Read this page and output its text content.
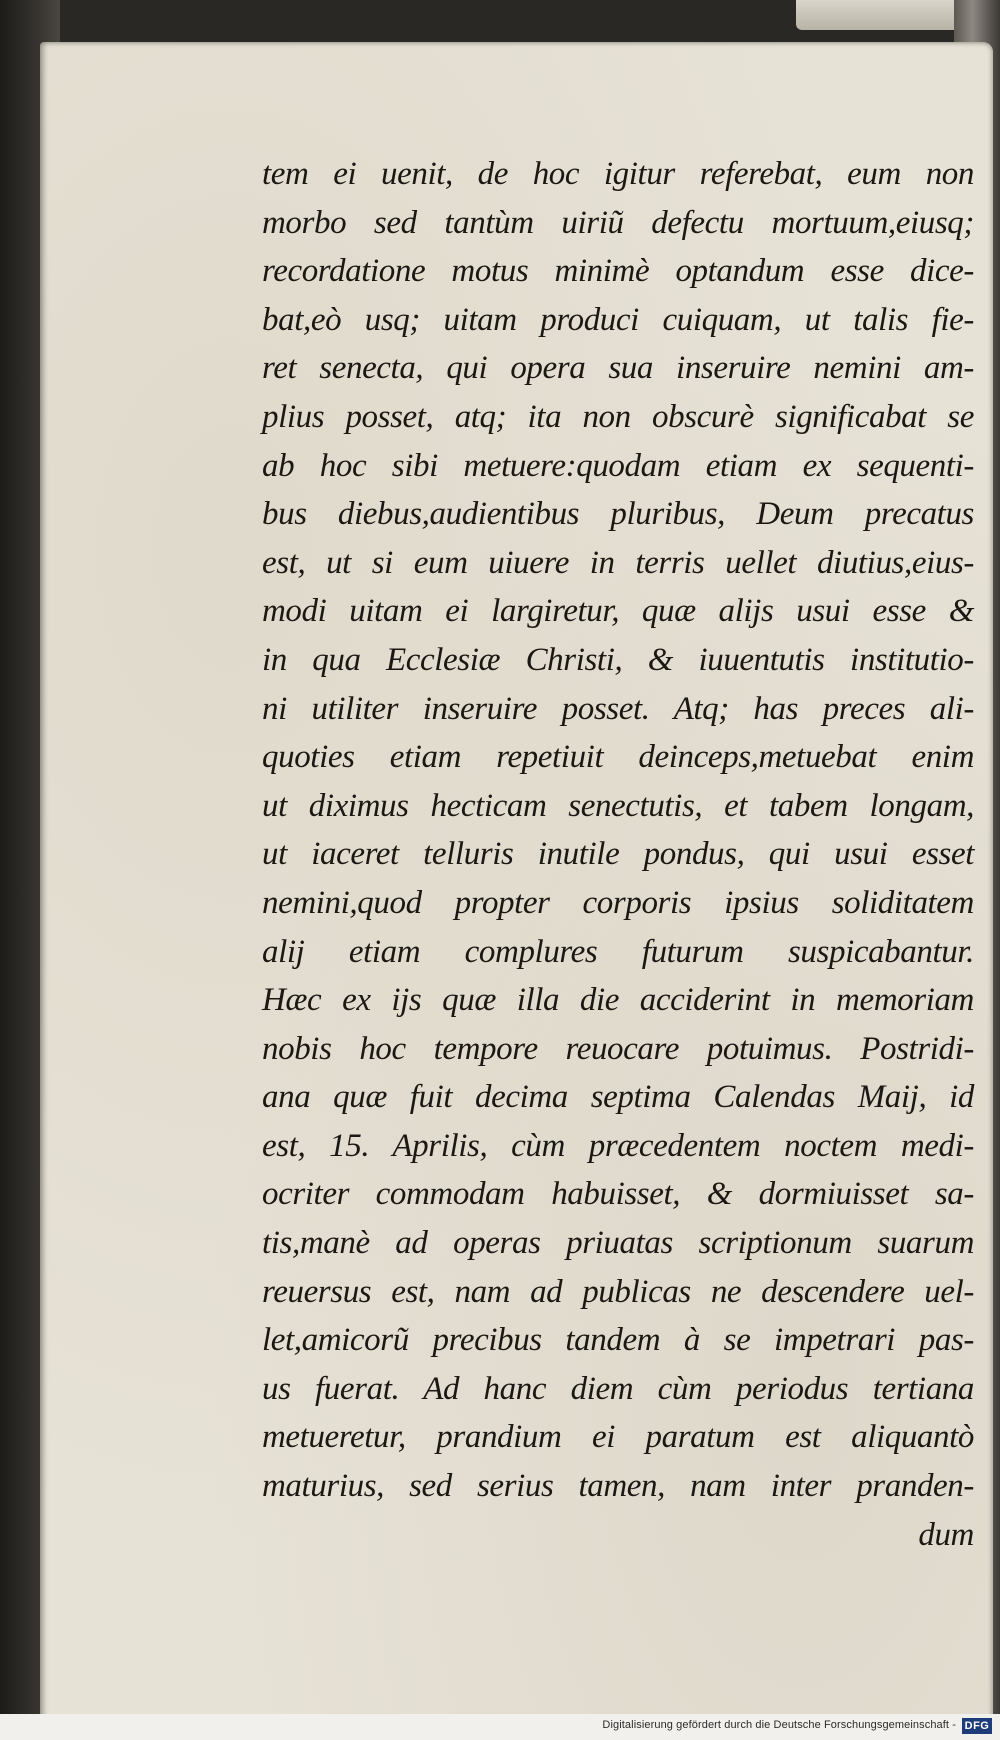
tem ei uenit, de hoc igitur referebat, eum non
morbo sed tantùm uiriũ defectu mortuum,eiusq;
recordatione motus minimè optandum esse dice-
bat,eò usq; uitam produci cuiquam, ut talis fie-
ret senecta, qui opera sua inseruire nemini am-
plius posset, atq; ita non obscurè significabat se
ab hoc sibi metuere:quodam etiam ex sequenti-
bus diebus,audientibus pluribus, Deum precatus
est, ut si eum uiuere in terris uellet diutius,eius-
modi uitam ei largiretur, quæ alijs usui esse &
in qua Ecclesiæ Christi, & iuuentutis institutio-
ni utiliter inseruire posset. Atq; has preces ali-
quoties etiam repetiuit deinceps,metuebat enim
ut diximus hecticam senectutis, et tabem longam,
ut iaceret telluris inutile pondus, qui usui esset
nemini,quod propter corporis ipsius soliditatem
alij etiam complures futurum suspicabantur.
Hæc ex ijs quæ illa die acciderint in memoriam
nobis hoc tempore reuocare potuimus. Postridi-
ana quæ fuit decima septima Calendas Maij, id
est, 15. Aprilis, cùm præcedentem noctem medi-
ocriter commodam habuisset, & dormiuisset sa-
tis,manè ad operas priuatas scriptionum suarum
reuersus est, nam ad publicas ne descendere uel-
let,amicorũ precibus tandem à se impetrari pas-
us fuerat. Ad hanc diem cùm periodus tertiana
metueretur, prandium ei paratum est aliquantò
maturius, sed serius tamen, nam inter pranden-
dum
Digitalisierung gefördert durch die Deutsche Forschungsgemeinschaft - DFG
